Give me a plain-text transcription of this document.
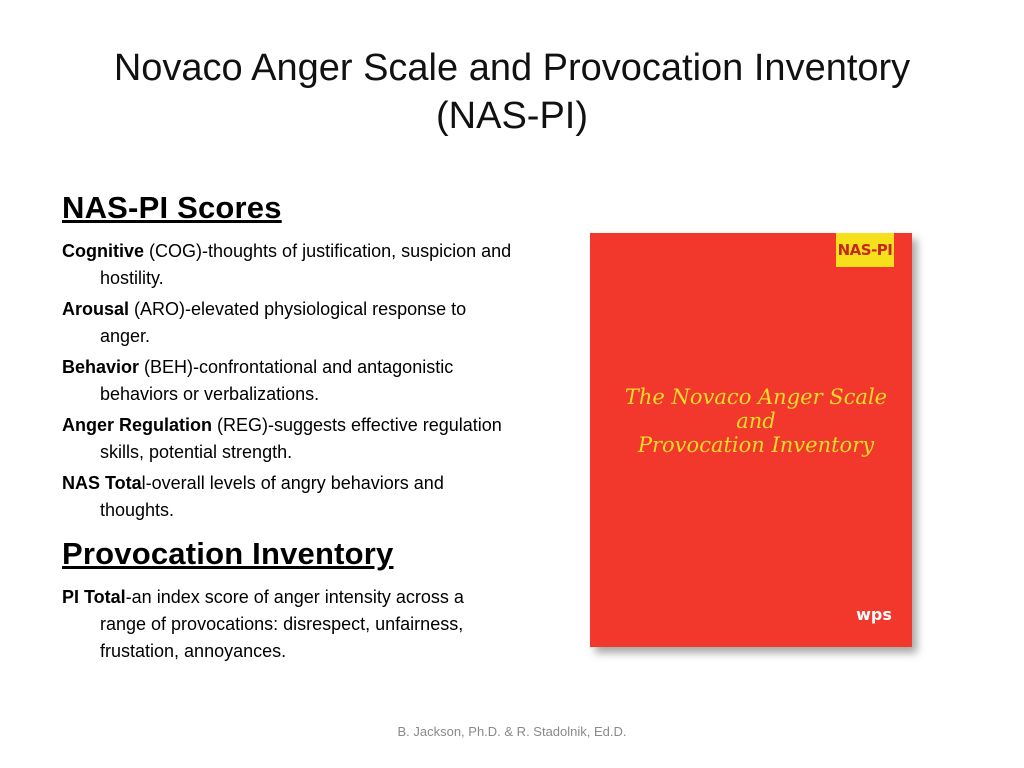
Novaco Anger Scale and Provocation Inventory
(NAS-PI)
NAS-PI Scores
Cognitive (COG)-thoughts of justification, suspicion and hostility.
Arousal (ARO)-elevated physiological response to anger.
Behavior (BEH)-confrontational and antagonistic behaviors or verbalizations.
Anger Regulation (REG)-suggests effective regulation skills, potential strength.
NAS Total-overall levels of angry behaviors and thoughts.
Provocation Inventory
PI Total-an index score of anger intensity across a range of provocations: disrespect, unfairness, frustation, annoyances.
NAS-PI
The Novaco Anger Scale
and
Provocation Inventory
wps
B. Jackson, Ph.D. & R. Stadolnik, Ed.D.
